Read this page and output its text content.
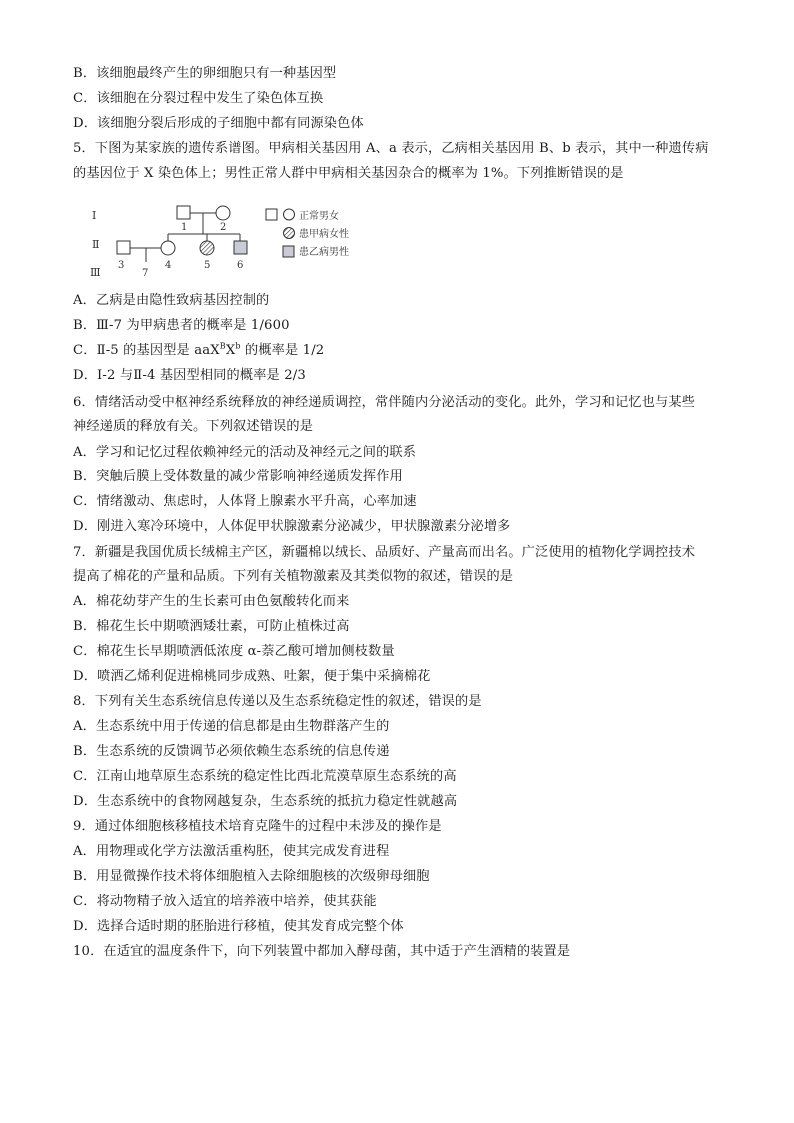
B．该细胞最终产生的卵细胞只有一种基因型
C．该细胞在分裂过程中发生了染色体互换
D．该细胞分裂后形成的子细胞中都有同源染色体
5．下图为某家族的遗传系谱图。甲病相关基因用 A、a 表示，乙病相关基因用 B、b 表示，其中一种遗传病
的基因位于 X 染色体上；男性正常人群中甲病相关基因杂合的概率为 1%。下列推断错误的是
Ⅰ
Ⅱ
Ⅲ
1	2
3	4	5	6
7
正常男女
患甲病女性
患乙病男性
A．乙病是由隐性致病基因控制的
B．Ⅲ-7 为甲病患者的概率是 1/600
C．Ⅱ-5 的基因型是 $aaX^BX^b$ 的概率是 1/2
D．I-2 与Ⅱ-4 基因型相同的概率是 2/3
6．情绪活动受中枢神经系统释放的神经递质调控，常伴随内分泌活动的变化。此外，学习和记忆也与某些
神经递质的释放有关。下列叙述错误的是
A．学习和记忆过程依赖神经元的活动及神经元之间的联系
B．突触后膜上受体数量的减少常影响神经递质发挥作用
C．情绪激动、焦虑时，人体肾上腺素水平升高，心率加速
D．刚进入寒冷环境中，人体促甲状腺激素分泌减少，甲状腺激素分泌增多
7．新疆是我国优质长绒棉主产区，新疆棉以绒长、品质好、产量高而出名。广泛使用的植物化学调控技术
提高了棉花的产量和品质。下列有关植物激素及其类似物的叙述，错误的是
A．棉花幼芽产生的生长素可由色氨酸转化而来
B．棉花生长中期喷洒矮壮素，可防止植株过高
C．棉花生长早期喷洒低浓度 α-萘乙酸可增加侧枝数量
D．喷洒乙烯利促进棉桃同步成熟、吐絮，便于集中采摘棉花
8．下列有关生态系统信息传递以及生态系统稳定性的叙述，错误的是
A．生态系统中用于传递的信息都是由生物群落产生的
B．生态系统的反馈调节必须依赖生态系统的信息传递
C．江南山地草原生态系统的稳定性比西北荒漠草原生态系统的高
D．生态系统中的食物网越复杂，生态系统的抵抗力稳定性就越高
9．通过体细胞核移植技术培育克隆牛的过程中未涉及的操作是
A．用物理或化学方法激活重构胚，使其完成发育进程
B．用显微操作技术将体细胞植入去除细胞核的次级卵母细胞
C．将动物精子放入适宜的培养液中培养，使其获能
D．选择合适时期的胚胎进行移植，使其发育成完整个体
10．在适宜的温度条件下，向下列装置中都加入酵母菌，其中适于产生酒精的装置是
